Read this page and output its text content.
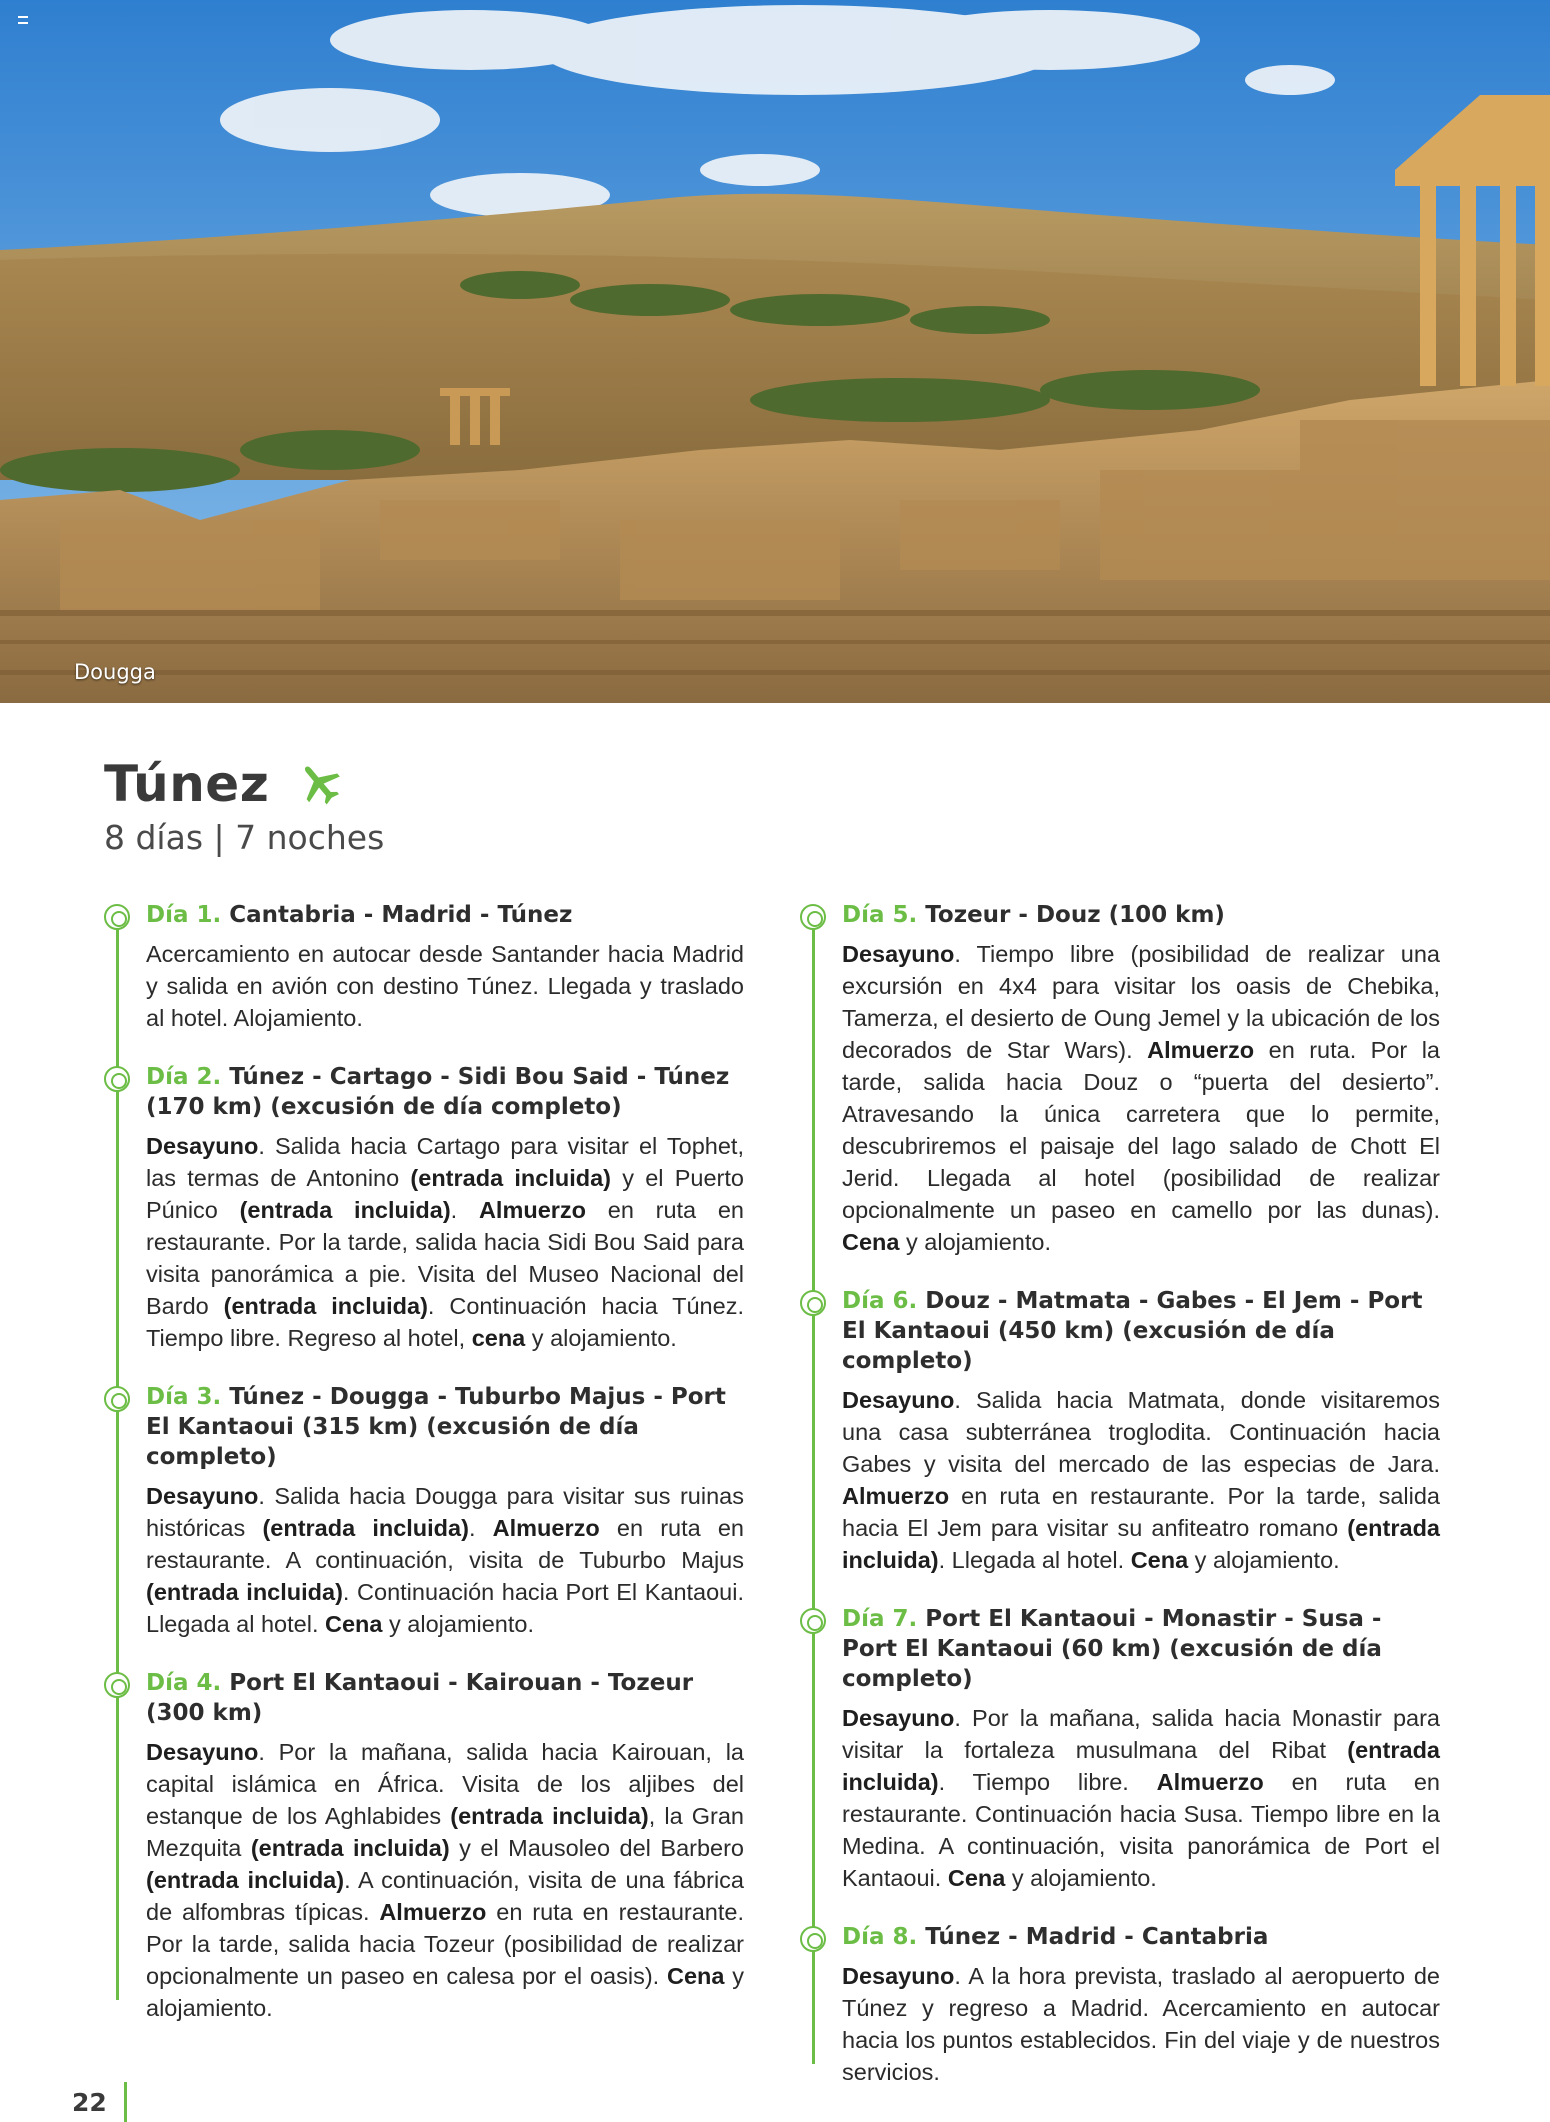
Dougga
Túnez
8 días | 7 noches
Día 1. Cantabria - Madrid - Túnez
Acercamiento en autocar desde Santander hacia Madrid y salida en avión con destino Túnez. Llegada y traslado al hotel. Alojamiento.
Día 2. Túnez - Cartago - Sidi Bou Said - Túnez (170 km) (excusión de día completo)
Desayuno. Salida hacia Cartago para visitar el Tophet, las termas de Antonino (entrada incluida) y el Puerto Púnico (entrada incluida). Almuerzo en ruta en restaurante. Por la tarde, salida hacia Sidi Bou Said para visita panorámica a pie. Visita del Museo Nacional del Bardo (entrada incluida). Continuación hacia Túnez. Tiempo libre. Regreso al hotel, cena y alojamiento.
Día 3. Túnez - Dougga - Tuburbo Majus - Port El Kantaoui (315 km) (excusión de día completo)
Desayuno. Salida hacia Dougga para visitar sus ruinas históricas (entrada incluida). Almuerzo en ruta en restaurante. A continuación, visita de Tuburbo Majus (entrada incluida). Continuación hacia Port El Kantaoui. Llegada al hotel. Cena y alojamiento.
Día 4. Port El Kantaoui - Kairouan - Tozeur (300 km)
Desayuno. Por la mañana, salida hacia Kairouan, la capital islámica en África. Visita de los aljibes del estanque de los Aghlabides (entrada incluida), la Gran Mezquita (entrada incluida) y el Mausoleo del Barbero (entrada incluida). A continuación, visita de una fábrica de alfombras típicas. Almuerzo en ruta en restaurante. Por la tarde, salida hacia Tozeur (posibilidad de realizar opcionalmente un paseo en calesa por el oasis). Cena y alojamiento.
Día 5. Tozeur - Douz (100 km)
Desayuno. Tiempo libre (posibilidad de realizar una excursión en 4x4 para visitar los oasis de Chebika, Tamerza, el desierto de Oung Jemel y la ubicación de los decorados de Star Wars). Almuerzo en ruta. Por la tarde, salida hacia Douz o “puerta del desierto”. Atravesando la única carretera que lo permite, descubriremos el paisaje del lago salado de Chott El Jerid. Llegada al hotel (posibilidad de realizar opcionalmente un paseo en camello por las dunas). Cena y alojamiento.
Día 6. Douz - Matmata - Gabes - El Jem - Port El Kantaoui (450 km) (excusión de día completo)
Desayuno. Salida hacia Matmata, donde visitaremos una casa subterránea troglodita. Continuación hacia Gabes y visita del mercado de las especias de Jara. Almuerzo en ruta en restaurante. Por la tarde, salida hacia El Jem para visitar su anfiteatro romano (entrada incluida). Llegada al hotel. Cena y alojamiento.
Día 7. Port El Kantaoui - Monastir - Susa - Port El Kantaoui (60 km) (excusión de día completo)
Desayuno. Por la mañana, salida hacia Monastir para visitar la fortaleza musulmana del Ribat (entrada incluida). Tiempo libre. Almuerzo en ruta en restaurante. Continuación hacia Susa. Tiempo libre en la Medina. A continuación, visita panorámica de Port el Kantaoui. Cena y alojamiento.
Día 8. Túnez - Madrid - Cantabria
Desayuno. A la hora prevista, traslado al aeropuerto de Túnez y regreso a Madrid. Acercamiento en autocar hacia los puntos establecidos. Fin del viaje y de nuestros servicios.
22
